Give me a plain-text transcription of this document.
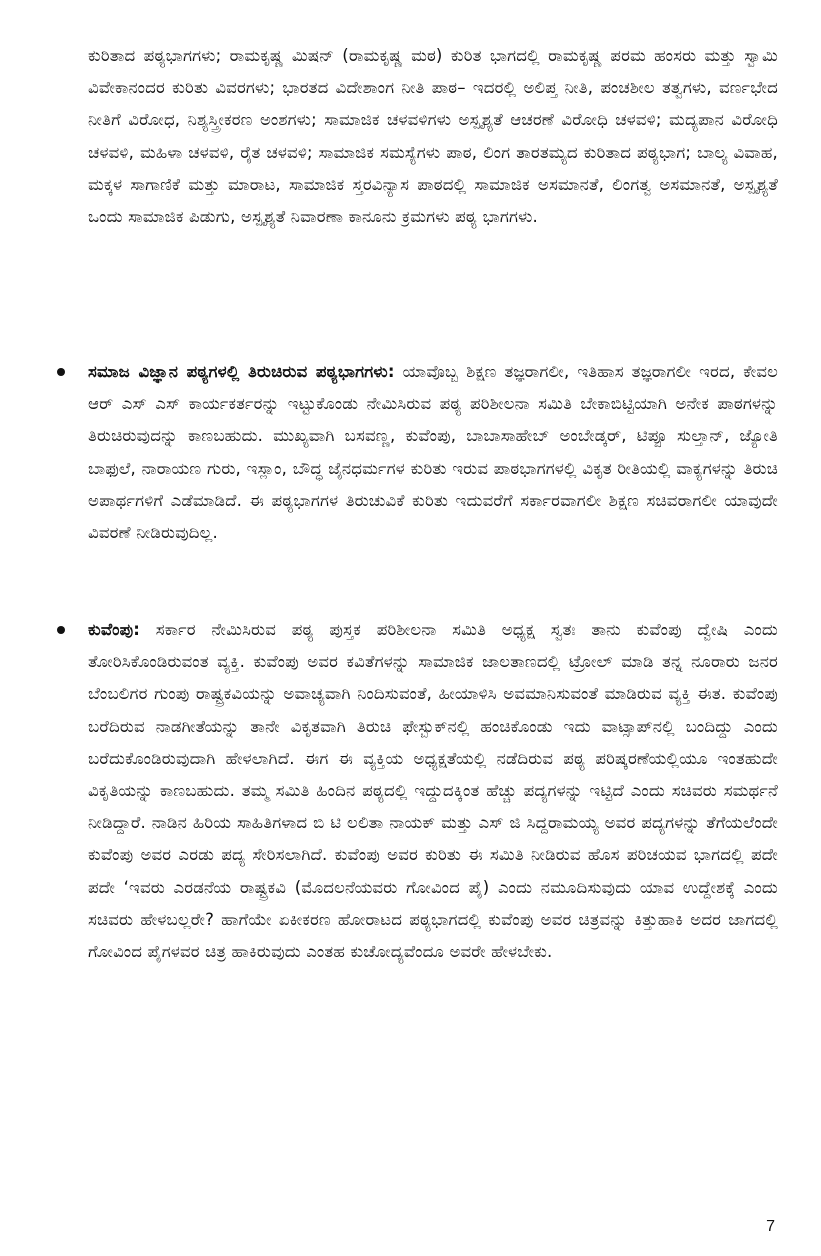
ಕುರಿತಾದ ಪಠ್ಯಭಾಗಗಳು; ರಾಮಕೃಷ್ಣ ಮಿಷನ್ (ರಾಮಕೃಷ್ಣ ಮಠ) ಕುರಿತ ಭಾಗದಲ್ಲಿ ರಾಮಕೃಷ್ಣ ಪರಮ ಹಂಸರು ಮತ್ತು ಸ್ವಾಮಿ ವಿವೇಕಾನಂದರ ಕುರಿತು ವಿವರಗಳು; ಭಾರತದ ವಿದೇಶಾಂಗ ನೀತಿ ಪಾಠ– ಇದರಲ್ಲಿ ಅಲಿಪ್ತ ನೀತಿ, ಪಂಚಶೀಲ ತತ್ವಗಳು, ವರ್ಣಭೇದ ನೀತಿಗೆ ವಿರೋಧ, ನಿಶ್ಯಸ್ತ್ರೀಕರಣ ಅಂಶಗಳು; ಸಾಮಾಜಿಕ ಚಳವಳಿಗಳು ಅಸ್ಪೃಶ್ಯತೆ ಆಚರಣೆ ವಿರೋಧಿ ಚಳವಳಿ; ಮದ್ಯಪಾನ ವಿರೋಧಿ ಚಳವಳಿ, ಮಹಿಳಾ ಚಳವಳಿ, ರೈತ ಚಳವಳಿ; ಸಾಮಾಜಿಕ ಸಮಸ್ಯೆಗಳು ಪಾಠ, ಲಿಂಗ ತಾರತಮ್ಯದ ಕುರಿತಾದ ಪಠ್ಯಭಾಗ; ಬಾಲ್ಯ ವಿವಾಹ, ಮಕ್ಕಳ ಸಾಗಾಣಿಕೆ ಮತ್ತು ಮಾರಾಟ, ಸಾಮಾಜಿಕ ಸ್ತರವಿನ್ಯಾಸ ಪಾಠದಲ್ಲಿ ಸಾಮಾಜಿಕ ಅಸಮಾನತೆ, ಲಿಂಗತ್ವ ಅಸಮಾನತೆ, ಅಸ್ಪೃಶ್ಯತೆ ಒಂದು ಸಾಮಾಜಿಕ ಪಿಡುಗು, ಅಸ್ಪೃಶ್ಯತೆ ನಿವಾರಣಾ ಕಾನೂನು ಕ್ರಮಗಳು ಪಠ್ಯ ಭಾಗಗಳು.

ಸಮಾಜ ವಿಜ್ಞಾನ ಪಠ್ಯಗಳಲ್ಲಿ ತಿರುಚಿರುವ ಪಠ್ಯಭಾಗಗಳು: ಯಾವೊಬ್ಬ ಶಿಕ್ಷಣ ತಜ್ಞರಾಗಲೀ, ಇತಿಹಾಸ ತಜ್ಞರಾಗಲೀ ಇರದ, ಕೇವಲ ಆರ್ ಎಸ್ ಎಸ್ ಕಾರ್ಯಕರ್ತರನ್ನು ಇಟ್ಟುಕೊಂಡು ನೇಮಿಸಿರುವ ಪಠ್ಯ ಪರಿಶೀಲನಾ ಸಮಿತಿ ಬೇಕಾಬಿಟ್ಟಿಯಾಗಿ ಅನೇಕ ಪಾಠಗಳನ್ನು ತಿರುಚಿರುವುದನ್ನು ಕಾಣಬಹುದು. ಮುಖ್ಯವಾಗಿ ಬಸವಣ್ಣ, ಕುವೆಂಪು, ಬಾಬಾಸಾಹೇಬ್ ಅಂಬೇಡ್ಕರ್, ಟಿಪ್ಪೂ ಸುಲ್ತಾನ್, ಜ್ಯೋತಿ ಬಾಫುಲೆ, ನಾರಾಯಣ ಗುರು, ಇಸ್ಲಾಂ, ಬೌದ್ಧ ಜೈನಧರ್ಮಗಳ ಕುರಿತು ಇರುವ ಪಾಠಭಾಗಗಳಲ್ಲಿ ವಿಕೃತ ರೀತಿಯಲ್ಲಿ ವಾಕ್ಯಗಳನ್ನು ತಿರುಚಿ ಅಪಾರ್ಥಗಳಿಗೆ ಎಡೆಮಾಡಿದೆ. ಈ ಪಠ್ಯಭಾಗಗಳ ತಿರುಚುವಿಕೆ ಕುರಿತು ಇದುವರೆಗೆ ಸರ್ಕಾರವಾಗಲೀ ಶಿಕ್ಷಣ ಸಚಿವರಾಗಲೀ ಯಾವುದೇ ವಿವರಣೆ ನೀಡಿರುವುದಿಲ್ಲ.

ಕುವೆಂಪು: ಸರ್ಕಾರ ನೇಮಿಸಿರುವ ಪಠ್ಯ ಪುಸ್ತಕ ಪರಿಶೀಲನಾ ಸಮಿತಿ ಅಧ್ಯಕ್ಷ ಸ್ವತಃ ತಾನು ಕುವೆಂಪು ದ್ವೇಷಿ ಎಂದು ತೋರಿಸಿಕೊಂಡಿರುವಂತ ವ್ಯಕ್ತಿ. ಕುವೆಂಪು ಅವರ ಕವಿತೆಗಳನ್ನು ಸಾಮಾಜಿಕ ಜಾಲತಾಣದಲ್ಲಿ ಟ್ರೋಲ್ ಮಾಡಿ ತನ್ನ ನೂರಾರು ಜನರ ಬೆಂಬಲಿಗರ ಗುಂಪು ರಾಷ್ಟ್ರಕವಿಯನ್ನು ಅವಾಚ್ಯವಾಗಿ ನಿಂದಿಸುವಂತೆ, ಹೀಯಾಳಿಸಿ ಅವಮಾನಿಸುವಂತೆ ಮಾಡಿರುವ ವ್ಯಕ್ತಿ ಈತ. ಕುವೆಂಪು ಬರೆದಿರುವ ನಾಡಗೀತೆಯನ್ನು ತಾನೇ ವಿಕೃತವಾಗಿ ತಿರುಚಿ ಫೇಸ್ಬುಕ್‌ನಲ್ಲಿ ಹಂಚಿಕೊಂಡು ಇದು ವಾಟ್ಸಾಪ್‌ನಲ್ಲಿ ಬಂದಿದ್ದು ಎಂದು ಬರೆದುಕೊಂಡಿರುವುದಾಗಿ ಹೇಳಲಾಗಿದೆ. ಈಗ ಈ ವ್ಯಕ್ತಿಯ ಅಧ್ಯಕ್ಷತೆಯಲ್ಲಿ ನಡೆದಿರುವ ಪಠ್ಯ ಪರಿಷ್ಕರಣೆಯಲ್ಲಿಯೂ ಇಂತಹುದೇ ವಿಕೃತಿಯನ್ನು ಕಾಣಬಹುದು. ತಮ್ಮ ಸಮಿತಿ ಹಿಂದಿನ ಪಠ್ಯದಲ್ಲಿ ಇದ್ದುದಕ್ಕಿಂತ ಹೆಚ್ಚು ಪದ್ಯಗಳನ್ನು ಇಟ್ಟಿದೆ ಎಂದು ಸಚಿವರು ಸಮರ್ಥನೆ ನೀಡಿದ್ದಾರೆ. ನಾಡಿನ ಹಿರಿಯ ಸಾಹಿತಿಗಳಾದ ಬಿ ಟಿ ಲಲಿತಾ ನಾಯಕ್ ಮತ್ತು ಎಸ್ ಜಿ ಸಿದ್ದರಾಮಯ್ಯ ಅವರ ಪದ್ಯಗಳನ್ನು ತೆಗೆಯಲೆಂದೇ ಕುವೆಂಪು ಅವರ ಎರಡು ಪದ್ಯ ಸೇರಿಸಲಾಗಿದೆ. ಕುವೆಂಪು ಅವರ ಕುರಿತು ಈ ಸಮಿತಿ ನೀಡಿರುವ ಹೊಸ ಪರಿಚಯವ ಭಾಗದಲ್ಲಿ ಪದೇ ಪದೇ ‘ಇವರು ಎರಡನೆಯ ರಾಷ್ಟ್ರಕವಿ (ಮೊದಲನೆಯವರು ಗೋವಿಂದ ಪೈ) ಎಂದು ನಮೂದಿಸುವುದು ಯಾವ ಉದ್ದೇಶಕ್ಕೆ ಎಂದು ಸಚಿವರು ಹೇಳಬಲ್ಲರೇ? ಹಾಗೆಯೇ ಏಕೀಕರಣ ಹೋರಾಟದ ಪಠ್ಯಭಾಗದಲ್ಲಿ ಕುವೆಂಪು ಅವರ ಚಿತ್ರವನ್ನು ಕಿತ್ತುಹಾಕಿ ಅದರ ಜಾಗದಲ್ಲಿ ಗೋವಿಂದ ಪೈಗಳವರ ಚಿತ್ರ ಹಾಕಿರುವುದು ಎಂತಹ ಕುಚೋದ್ಯವೆಂದೂ ಅವರೇ ಹೇಳಬೇಕು.

7
